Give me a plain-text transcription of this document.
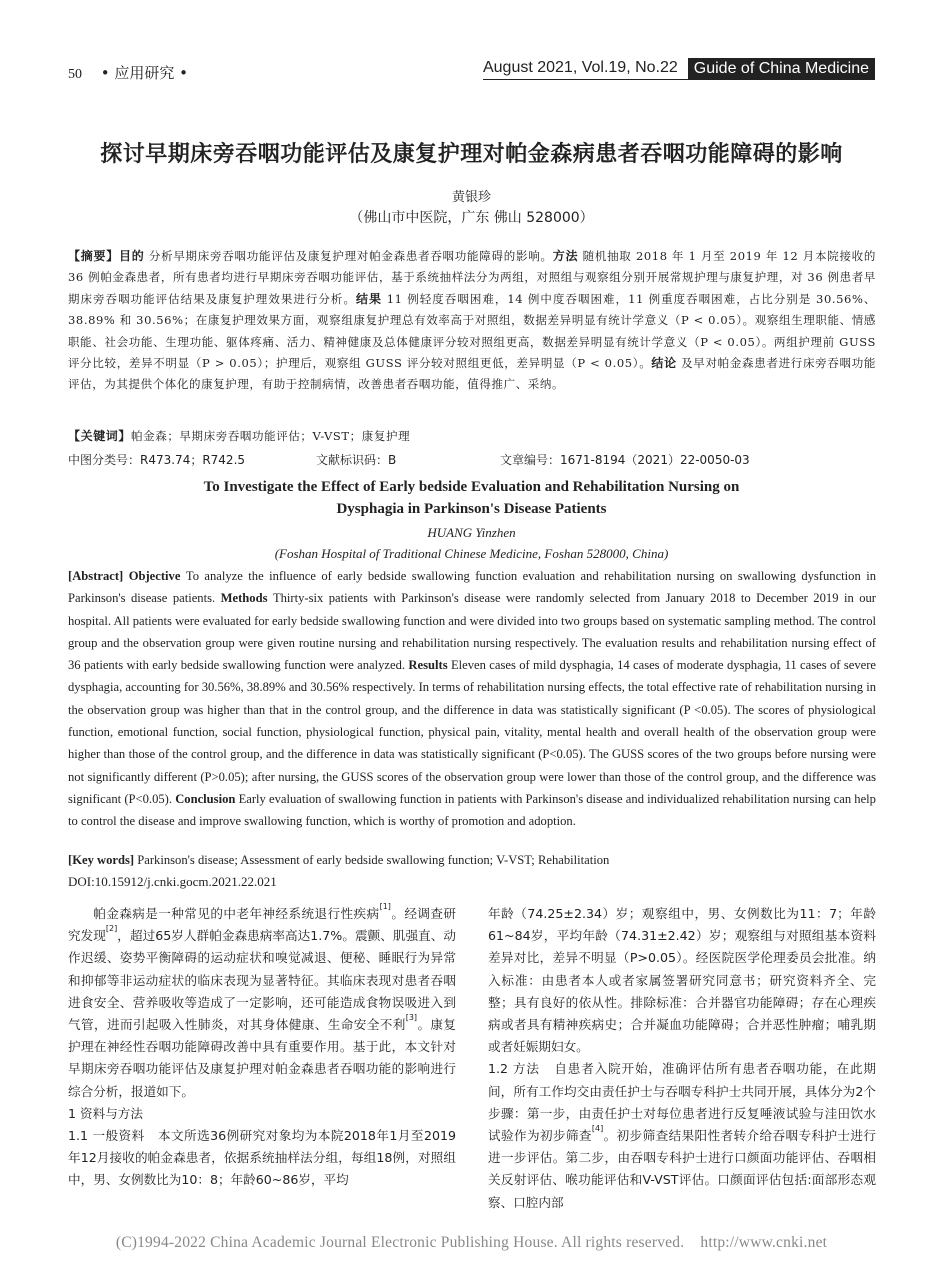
50 • 应用研究 •	August 2021, Vol.19, No.22	Guide of China Medicine
探讨早期床旁吞咽功能评估及康复护理对帕金森病患者吞咽功能障碍的影响
黄银珍
（佛山市中医院，广东 佛山 528000）
【摘要】目的 分析早期床旁吞咽功能评估及康复护理对帕金森患者吞咽功能障碍的影响。方法 随机抽取 2018 年 1 月至 2019 年 12 月本院接收的 36 例帕金森患者，所有患者均进行早期床旁吞咽功能评估，基于系统抽样法分为两组，对照组与观察组分别开展常规护理与康复护理，对 36 例患者早期床旁吞咽功能评估结果及康复护理效果进行分析。结果 11 例轻度吞咽困难，14 例中度吞咽困难，11 例重度吞咽困难，占比分别是 30.56%、38.89% 和 30.56%；在康复护理效果方面，观察组康复护理总有效率高于对照组，数据差异明显有统计学意义（P < 0.05）。观察组生理职能、情感职能、社会功能、生理功能、躯体疼痛、活力、精神健康及总体健康评分较对照组更高，数据差异明显有统计学意义（P < 0.05）。两组护理前 GUSS 评分比较，差异不明显（P > 0.05）；护理后，观察组 GUSS 评分较对照组更低，差异明显（P < 0.05）。结论 及早对帕金森患者进行床旁吞咽功能评估，为其提供个体化的康复护理，有助于控制病情，改善患者吞咽功能，值得推广、采纳。
【关键词】帕金森；早期床旁吞咽功能评估；V-VST；康复护理
中图分类号：R473.74；R742.5	文献标识码：B	文章编号：1671-8194（2021）22-0050-03
To Investigate the Effect of Early bedside Evaluation and Rehabilitation Nursing on
Dysphagia in Parkinson's Disease Patients
HUANG Yinzhen
(Foshan Hospital of Traditional Chinese Medicine, Foshan 528000, China)
[Abstract] Objective To analyze the influence of early bedside swallowing function evaluation and rehabilitation nursing on swallowing dysfunction in Parkinson's disease patients. Methods Thirty-six patients with Parkinson's disease were randomly selected from January 2018 to December 2019 in our hospital. All patients were evaluated for early bedside swallowing function and were divided into two groups based on systematic sampling method. The control group and the observation group were given routine nursing and rehabilitation nursing respectively. The evaluation results and rehabilitation nursing effect of 36 patients with early bedside swallowing function were analyzed. Results Eleven cases of mild dysphagia, 14 cases of moderate dysphagia, 11 cases of severe dysphagia, accounting for 30.56%, 38.89% and 30.56% respectively. In terms of rehabilitation nursing effects, the total effective rate of rehabilitation nursing in the observation group was higher than that in the control group, and the difference in data was statistically significant (P <0.05). The scores of physiological function, emotional function, social function, physiological function, physical pain, vitality, mental health and overall health of the observation group were higher than those of the control group, and the difference in data was statistically significant (P<0.05). The GUSS scores of the two groups before nursing were not significantly different (P>0.05); after nursing, the GUSS scores of the observation group were lower than those of the control group, and the difference was significant (P<0.05). Conclusion Early evaluation of swallowing function in patients with Parkinson's disease and individualized rehabilitation nursing can help to control the disease and improve swallowing function, which is worthy of promotion and adoption.
[Key words] Parkinson's disease; Assessment of early bedside swallowing function; V-VST; Rehabilitation
DOI:10.15912/j.cnki.gocm.2021.22.021

帕金森病是一种常见的中老年神经系统退行性疾病[1]。经调查研究发现[2]，超过65岁人群帕金森患病率高达1.7%。震颤、肌强直、动作迟缓、姿势平衡障碍的运动症状和嗅觉减退、便秘、睡眠行为异常和抑郁等非运动症状的临床表现为显著特征。其临床表现对患者吞咽进食安全、营养吸收等造成了一定影响，还可能造成食物误吸进入到气管，进而引起吸入性肺炎，对其身体健康、生命安全不利[3]。康复护理在神经性吞咽功能障碍改善中具有重要作用。基于此，本文针对早期床旁吞咽功能评估及康复护理对帕金森患者吞咽功能的影响进行综合分析，报道如下。

1 资料与方法

1.1 一般资料 本文所选36例研究对象均为本院2018年1月至2019年12月接收的帕金森患者，依据系统抽样法分组，每组18例，对照组中，男、女例数比为10：8；年龄60~86岁，平均

年龄（74.25±2.34）岁；观察组中，男、女例数比为11：7；年龄61~84岁，平均年龄（74.31±2.42）岁；观察组与对照组基本资料差异对比，差异不明显（P>0.05）。经医院医学伦理委员会批准。纳入标准：由患者本人或者家属签署研究同意书；研究资料齐全、完整；具有良好的依从性。排除标准：合并器官功能障碍；存在心理疾病或者具有精神疾病史；合并凝血功能障碍；合并恶性肿瘤；哺乳期或者妊娠期妇女。

1.2 方法 自患者入院开始，准确评估所有患者吞咽功能，在此期间，所有工作均交由责任护士与吞咽专科护士共同开展，具体分为2个步骤：第一步，由责任护士对每位患者进行反复唾液试验与洼田饮水试验作为初步筛查[4]。初步筛查结果阳性者转介给吞咽专科护士进行进一步评估。第二步，由吞咽专科护士进行口颜面功能评估、吞咽相关反射评估、喉功能评估和V-VST评估。口颜面评估包括:面部形态观察、口腔内部

(C)1994-2022 China Academic Journal Electronic Publishing House. All rights reserved. http://www.cnki.net
